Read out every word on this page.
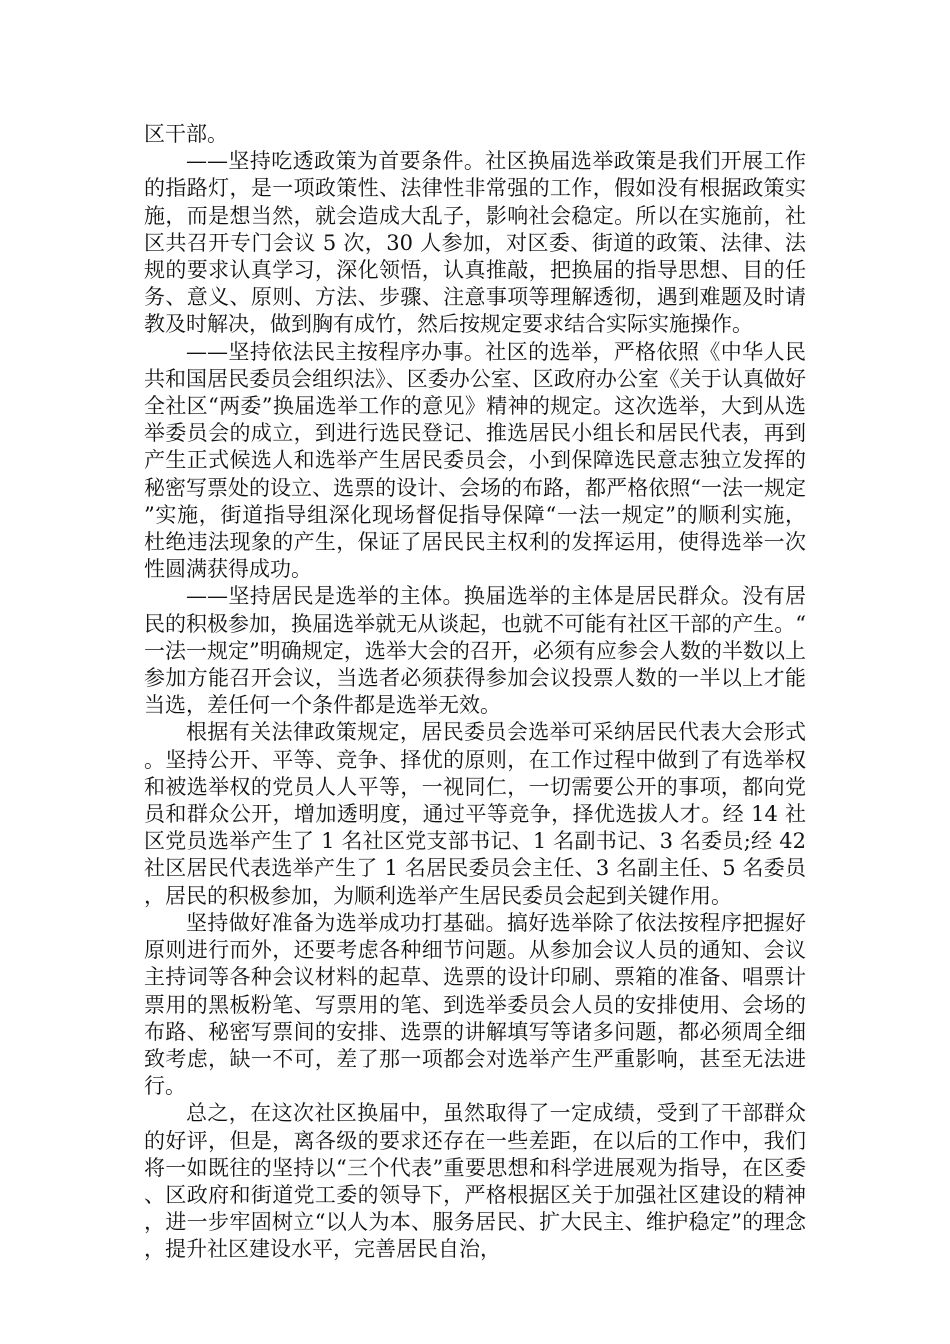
区干部。

——坚持吃透政策为首要条件。社区换届选举政策是我们开展工作的指路灯，是一项政策性、法律性非常强的工作，假如没有根据政策实施，而是想当然，就会造成大乱子，影响社会稳定。所以在实施前，社区共召开专门会议 5 次，30 人参加，对区委、街道的政策、法律、法规的要求认真学习，深化领悟，认真推敲，把换届的指导思想、目的任务、意义、原则、方法、步骤、注意事项等理解透彻，遇到难题及时请教及时解决，做到胸有成竹，然后按规定要求结合实际实施操作。

——坚持依法民主按程序办事。社区的选举，严格依照《中华人民共和国居民委员会组织法》、区委办公室、区政府办公室《关于认真做好全社区“两委”换届选举工作的意见》精神的规定。这次选举，大到从选举委员会的成立，到进行选民登记、推选居民小组长和居民代表，再到产生正式候选人和选举产生居民委员会，小到保障选民意志独立发挥的秘密写票处的设立、选票的设计、会场的布路，都严格依照“一法一规定”实施，街道指导组深化现场督促指导保障“一法一规定”的顺利实施，杜绝违法现象的产生，保证了居民民主权利的发挥运用，使得选举一次性圆满获得成功。

——坚持居民是选举的主体。换届选举的主体是居民群众。没有居民的积极参加，换届选举就无从谈起，也就不可能有社区干部的产生。“一法一规定”明确规定，选举大会的召开，必须有应参会人数的半数以上参加方能召开会议，当选者必须获得参加会议投票人数的一半以上才能当选，差任何一个条件都是选举无效。

根据有关法律政策规定，居民委员会选举可采纳居民代表大会形式。坚持公开、平等、竞争、择优的原则，在工作过程中做到了有选举权和被选举权的党员人人平等，一视同仁，一切需要公开的事项，都向党员和群众公开，增加透明度，通过平等竞争，择优选拔人才。经 14 社区党员选举产生了 1 名社区党支部书记、1 名副书记、3 名委员;经 42 社区居民代表选举产生了 1 名居民委员会主任、3 名副主任、5 名委员，居民的积极参加，为顺利选举产生居民委员会起到关键作用。

坚持做好准备为选举成功打基础。搞好选举除了依法按程序把握好原则进行而外，还要考虑各种细节问题。从参加会议人员的通知、会议主持词等各种会议材料的起草、选票的设计印刷、票箱的准备、唱票计票用的黑板粉笔、写票用的笔、到选举委员会人员的安排使用、会场的布路、秘密写票间的安排、选票的讲解填写等诸多问题，都必须周全细致考虑，缺一不可，差了那一项都会对选举产生严重影响，甚至无法进行。

总之，在这次社区换届中，虽然取得了一定成绩，受到了干部群众的好评，但是，离各级的要求还存在一些差距，在以后的工作中，我们将一如既往的坚持以“三个代表”重要思想和科学进展观为指导，在区委、区政府和街道党工委的领导下，严格根据区关于加强社区建设的精神，进一步牢固树立“以人为本、服务居民、扩大民主、维护稳定”的理念，提升社区建设水平，完善居民自治，
